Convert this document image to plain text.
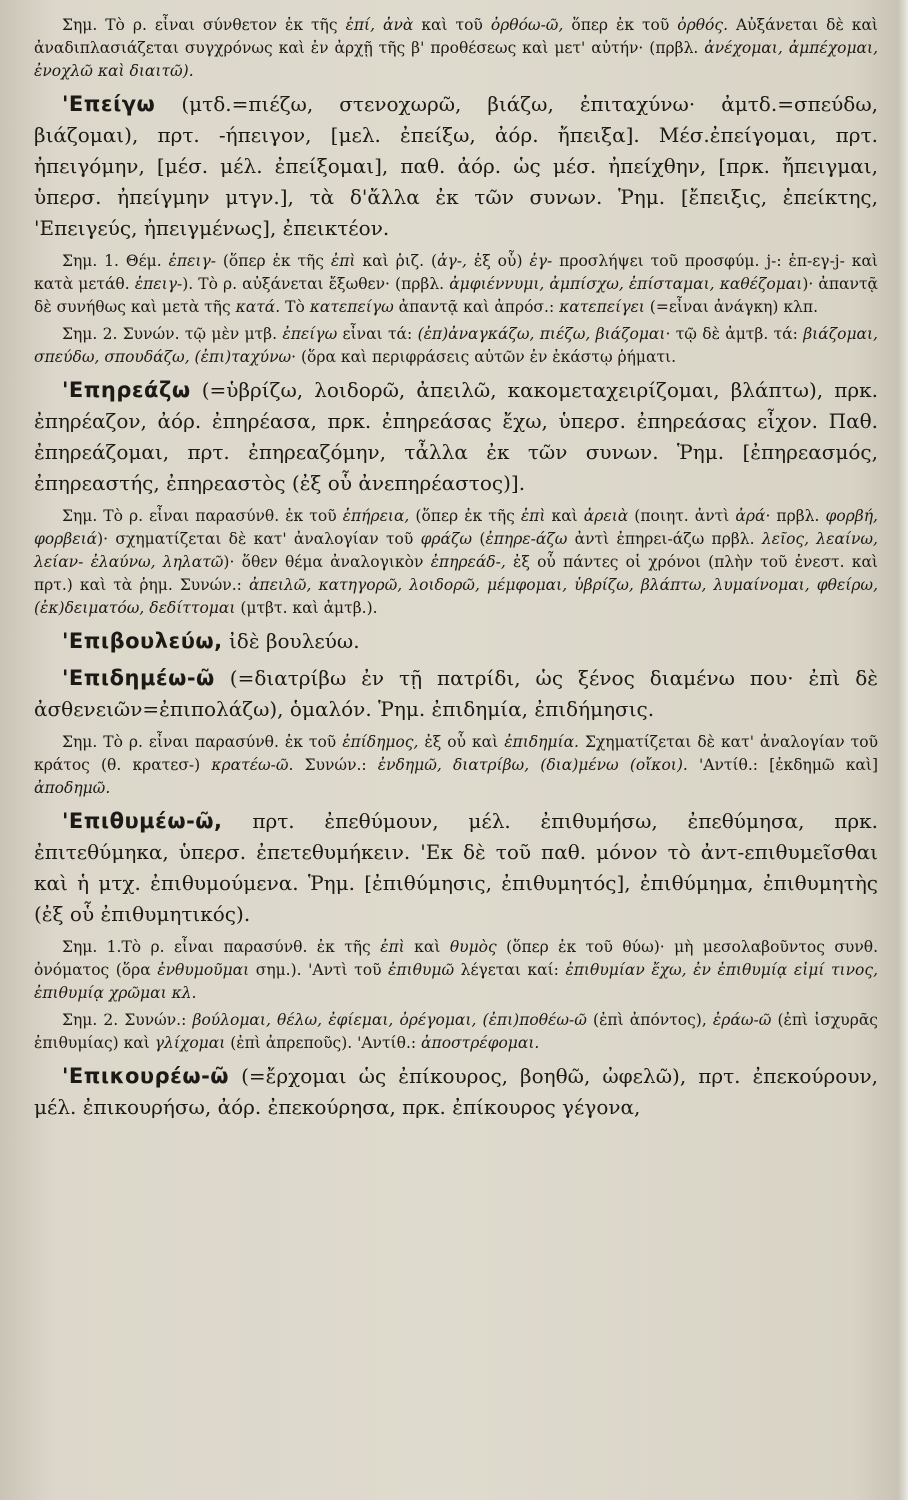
Σημ. Τὸ ρ. εἶναι σύνθετον ἐκ τῆς ἐπί, ἀνὰ καὶ τοῦ ὀρθόω-ῶ, ὅπερ ἐκ τοῦ ὀρθός. Αὐξάνεται δὲ καὶ ἀναδιπλασιάζεται συγχρόνως καὶ ἐν ἀρχῇ τῆς β' προθέσεως καὶ μετ' αὐτήν· (πρβλ. ἀνέχομαι, ἀμπέχομαι, ἐνοχλῶ καὶ διαιτῶ).

'Επείγω (μτδ.=πιέζω, στενοχωρῶ, βιάζω, ἐπιταχύνω· ἀμτδ.=σπεύδω, βιάζομαι), πρτ. -ήπειγον, [μελ. ἐπείξω, ἀόρ. ἤπειξα]. Μέσ.ἐπείγομαι, πρτ. ἠπειγόμην, [μέσ. μέλ. ἐπείξομαι], παθ. ἀόρ. ὡς μέσ. ἠπείχθην, [πρκ. ἤπειγμαι, ὑπερσ. ἠπείγμην μτγν.], τὰ δ'ἄλλα ἐκ τῶν συνων. Ῥημ. [ἔπειξις, ἐπείκτης, 'Επειγεύς, ἠπειγμένως], ἐπεικτέον.

Σημ. 1. Θέμ. ἐπειγ- (ὅπερ ἐκ τῆς ἐπὶ καὶ ῥιζ. (ἀγ-, ἐξ οὗ) ἐγ- προσλήψει τοῦ προσφύμ. j-: ἐπ-εγ-j- καὶ κατὰ μετάθ. ἐπειγ-). Τὸ ρ. αὐξάνεται ἔξωθεν· (πρβλ. ἀμφιέννυμι, ἀμπίσχω, ἐπίσταμαι, καθέζομαι)· ἀπαντᾷ δὲ συνήθως καὶ μετὰ τῆς κατά. Τὸ κατεπείγω ἀπαντᾷ καὶ ἀπρόσ.: κατεπείγει (=εἶναι ἀνάγκη) κλπ.

Σημ. 2. Συνών. τῷ μὲν μτβ. ἐπείγω εἶναι τά: (ἐπ)ἀναγκάζω, πιέζω, βιάζομαι· τῷ δὲ ἀμτβ. τά: βιάζομαι, σπεύδω, σπουδάζω, (ἐπι)ταχύνω· (ὅρα καὶ περιφράσεις αὐτῶν ἐν ἑκάστῳ ῥήματι.

'Επηρεάζω (=ὑβρίζω, λοιδορῶ, ἀπειλῶ, κακομεταχειρίζομαι, βλάπτω), πρκ. ἐπηρέαζον, ἀόρ. ἐπηρέασα, πρκ. ἐπηρεάσας ἔχω, ὑπερσ. ἐπηρεάσας εἶχον. Παθ. ἐπηρεάζομαι, πρτ. ἐπηρεαζόμην, τἆλλα ἐκ τῶν συνων. Ῥημ. [ἐπηρεασμός, ἐπηρεαστής, ἐπηρεαστὸς (ἐξ οὗ ἀνεπηρέαστος)].

Σημ. Τὸ ρ. εἶναι παρασύνθ. ἐκ τοῦ ἐπήρεια, (ὅπερ ἐκ τῆς ἐπὶ καὶ ἀρειὰ (ποιητ. ἀντὶ ἀρά· πρβλ. φορβή, φορβειά)· σχηματίζεται δὲ κατ' ἀναλογίαν τοῦ φράζω (ἐπηρε-άζω ἀντὶ ἐπηρει-άζω πρβλ. λεῖος, λεαίνω, λείαν- ἐλαύνω, ληλατῶ)· ὅθεν θέμα ἀναλογικὸν ἐπηρεάδ-, ἐξ οὗ πάντες οἱ χρόνοι (πλὴν τοῦ ἐνεστ. καὶ πρτ.) καὶ τὰ ῥημ. Συνών.: ἀπειλῶ, κατηγορῶ, λοιδορῶ, μέμφομαι, ὑβρίζω, βλάπτω, λυμαίνομαι, φθείρω, (ἐκ)δειματόω, δεδίττομαι (μτβτ. καὶ ἀμτβ.).

'Επιβουλεύω, ἰδὲ βουλεύω.

'Επιδημέω-ῶ (=διατρίβω ἐν τῇ πατρίδι, ὡς ξένος διαμένω που· ἐπὶ δὲ ἀσθενειῶν=ἐπιπολάζω), ὁμαλόν. Ῥημ. ἐπιδημία, ἐπιδήμησις.

Σημ. Τὸ ρ. εἶναι παρασύνθ. ἐκ τοῦ ἐπίδημος, ἐξ οὗ καὶ ἐπιδημία. Σχηματίζεται δὲ κατ' ἀναλογίαν τοῦ κράτος (θ. κρατεσ-) κρατέω-ῶ. Συνών.: ἐνδημῶ, διατρίβω, (δια)μένω (οἴκοι). 'Αντίθ.: [ἐκδημῶ καὶ] ἀποδημῶ.

'Επιθυμέω-ῶ, πρτ. ἐπεθύμουν, μέλ. ἐπιθυμήσω, ἐπεθύμησα, πρκ. ἐπιτεθύμηκα, ὑπερσ. ἐπετεθυμήκειν. 'Εκ δὲ τοῦ παθ. μόνον τὸ ἀντ-επιθυμεῖσθαι καὶ ἡ μτχ. ἐπιθυμούμενα. Ῥημ. [ἐπιθύμησις, ἐπιθυμητός], ἐπιθύμημα, ἐπιθυμητὴς (ἐξ οὗ ἐπιθυμητικός).

Σημ. 1.Τὸ ρ. εἶναι παρασύνθ. ἐκ τῆς ἐπὶ καὶ θυμὸς (ὅπερ ἐκ τοῦ θύω)· μὴ μεσολαβοῦντος συνθ. ὀνόματος (ὅρα ἐνθυμοῦμαι σημ.). 'Αντὶ τοῦ ἐπιθυμῶ λέγεται καί: ἐπιθυμίαν ἔχω, ἐν ἐπιθυμίᾳ εἰμί τινος, ἐπιθυμίᾳ χρῶμαι κλ.

Σημ. 2. Συνών.: βούλομαι, θέλω, ἐφίεμαι, ὀρέγομαι, (ἐπι)ποθέω-ῶ (ἐπὶ ἀπόντος), ἐράω-ῶ (ἐπὶ ἰσχυρᾶς ἐπιθυμίας) καὶ γλίχομαι (ἐπὶ ἀπρεποῦς). 'Αντίθ.: ἀποστρέφομαι.

'Επικουρέω-ῶ (=ἔρχομαι ὡς ἐπίκουρος, βοηθῶ, ὠφελῶ), πρτ. ἐπεκούρουν, μέλ. ἐπικουρήσω, ἀόρ. ἐπεκούρησα, πρκ. ἐπίκουρος γέγονα,
